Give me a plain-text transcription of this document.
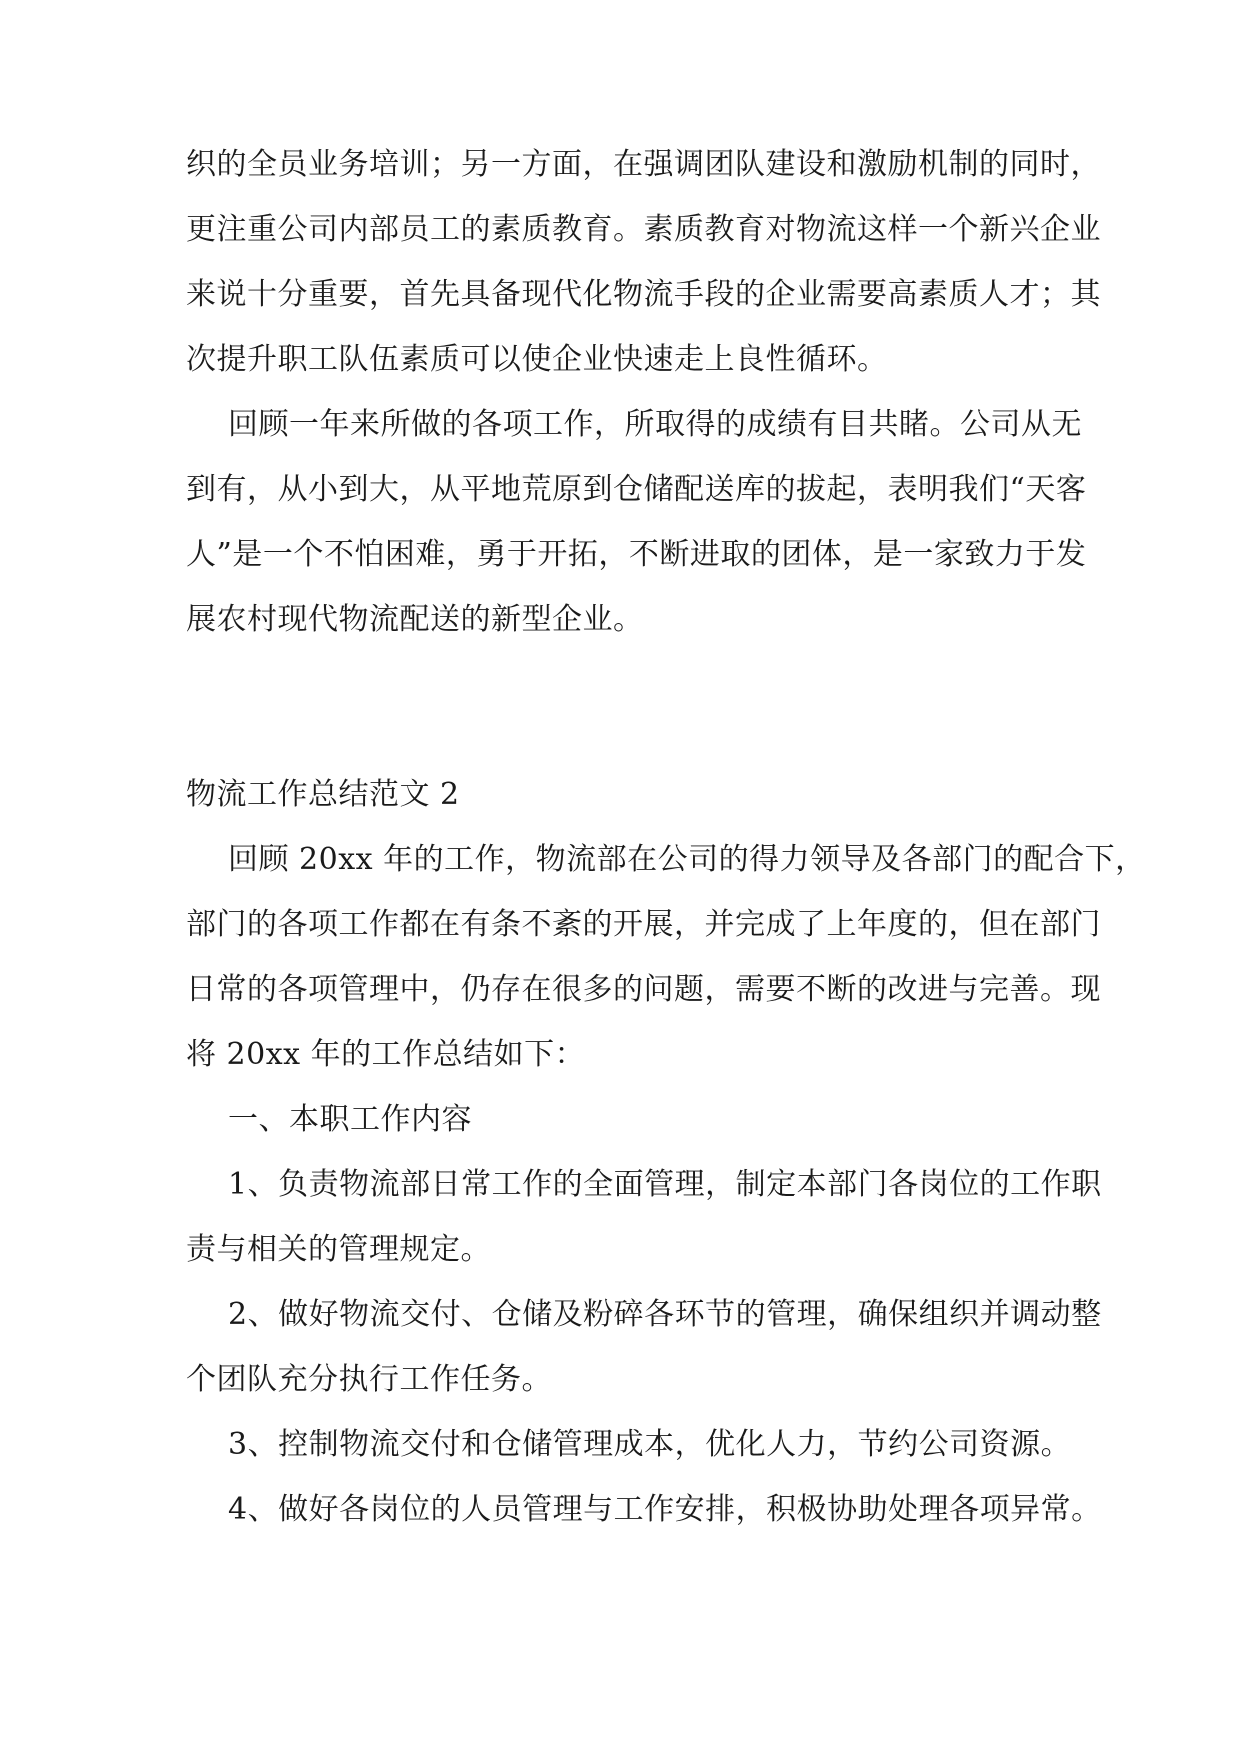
织的全员业务培训；另一方面，在强调团队建设和激励机制的同时，
更注重公司内部员工的素质教育。素质教育对物流这样一个新兴企业
来说十分重要，首先具备现代化物流手段的企业需要高素质人才；其
次提升职工队伍素质可以使企业快速走上良性循环。
回顾一年来所做的各项工作，所取得的成绩有目共睹。公司从无
到有，从小到大，从平地荒原到仓储配送库的拔起，表明我们“天客
人”是一个不怕困难，勇于开拓，不断进取的团体，是一家致力于发
展农村现代物流配送的新型企业。
物流工作总结范文 2
回顾 20xx 年的工作，物流部在公司的得力领导及各部门的配合下，
部门的各项工作都在有条不紊的开展，并完成了上年度的，但在部门
日常的各项管理中，仍存在很多的问题，需要不断的改进与完善。现
将 20xx 年的工作总结如下：
一、本职工作内容
1、负责物流部日常工作的全面管理，制定本部门各岗位的工作职
责与相关的管理规定。
2、做好物流交付、仓储及粉碎各环节的管理，确保组织并调动整
个团队充分执行工作任务。
3、控制物流交付和仓储管理成本，优化人力，节约公司资源。
4、做好各岗位的人员管理与工作安排，积极协助处理各项异常。
